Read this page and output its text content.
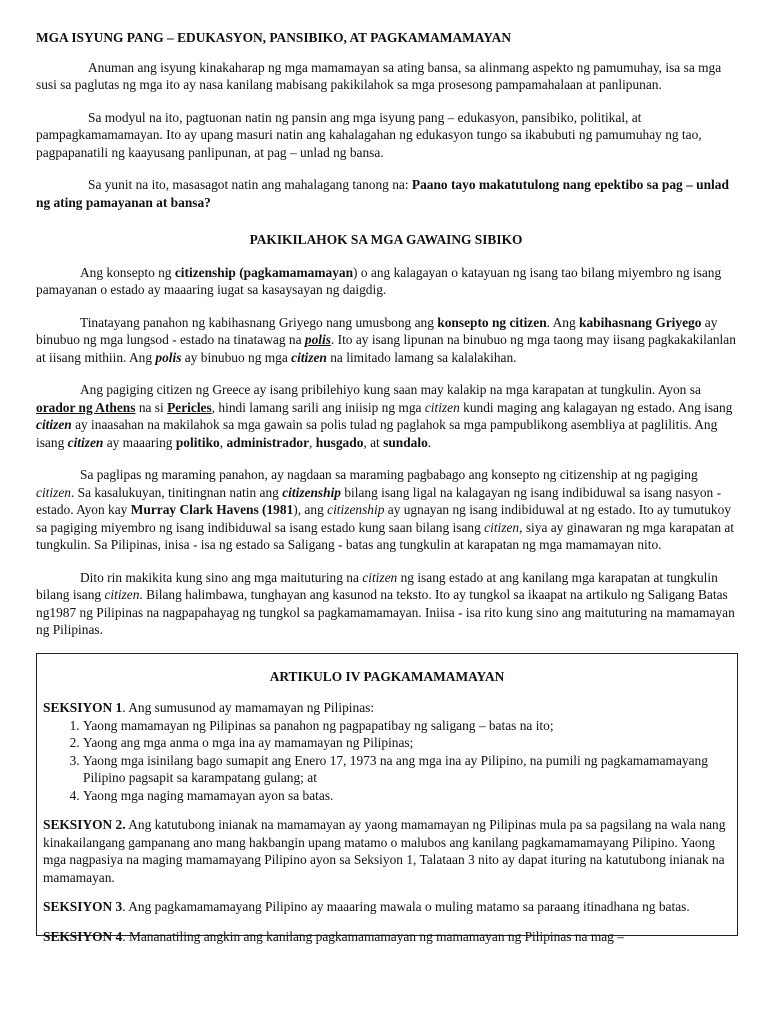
MGA ISYUNG PANG – EDUKASYON, PANSIBIKO, AT PAGKAMAMAMAYAN

Anuman ang isyung kinakaharap ng mga mamamayan sa ating bansa, sa alinmang aspekto ng pamumuhay, isa sa mga susi sa paglutas ng mga ito ay nasa kanilang mabisang pakikilahok sa mga prosesong pampamahalaan at panlipunan.

Sa modyul na ito, pagtuonan natin ng pansin ang mga isyung pang – edukasyon, pansibiko, politikal, at pampagkamamamayan. Ito ay upang masuri natin ang kahalagahan ng edukasyon tungo sa ikabubuti ng pamumuhay ng tao, pagpapanatili ng kaayusang panlipunan, at pag – unlad ng bansa.

Sa yunit na ito, masasagot natin ang mahalagang tanong na: Paano tayo makatutulong nang epektibo sa pag – unlad ng ating pamayanan at bansa?

PAKIKILAHOK SA MGA GAWAING SIBIKO

Ang konsepto ng citizenship (pagkamamamayan) o ang kalagayan o katayuan ng isang tao bilang miyembro ng isang pamayanan o estado ay maaaring iugat sa kasaysayan ng daigdig.

Tinatayang panahon ng kabihasnang Griyego nang umusbong ang konsepto ng citizen. Ang kabihasnang Griyego ay binubuo ng mga lungsod - estado na tinatawag na polis. Ito ay isang lipunan na binubuo ng mga taong may iisang pagkakakilanlan at iisang mithiin. Ang polis ay binubuo ng mga citizen na limitado lamang sa kalalakihan.

Ang pagiging citizen ng Greece ay isang pribilehiyo kung saan may kalakip na mga karapatan at tungkulin. Ayon sa orador ng Athens na si Pericles, hindi lamang sarili ang iniisip ng mga citizen kundi maging ang kalagayan ng estado. Ang isang citizen ay inaasahan na makilahok sa mga gawain sa polis tulad ng paglahok sa mga pampublikong asembliya at paglilitis. Ang isang citizen ay maaaring politiko, administrador, husgado, at sundalo.

Sa paglipas ng maraming panahon, ay nagdaan sa maraming pagbabago ang konsepto ng citizenship at ng pagiging citizen. Sa kasalukuyan, tinitingnan natin ang citizenship bilang isang ligal na kalagayan ng isang indibiduwal sa isang nasyon - estado. Ayon kay Murray Clark Havens (1981), ang citizenship ay ugnayan ng isang indibiduwal at ng estado. Ito ay tumutukoy sa pagiging miyembro ng isang indibiduwal sa isang estado kung saan bilang isang citizen, siya ay ginawaran ng mga karapatan at tungkulin. Sa Pilipinas, inisa - isa ng estado sa Saligang - batas ang tungkulin at karapatan ng mga mamamayan nito.

Dito rin makikita kung sino ang mga maituturing na citizen ng isang estado at ang kanilang mga karapatan at tungkulin bilang isang citizen. Bilang halimbawa, tunghayan ang kasunod na teksto. Ito ay tungkol sa ikaapat na artikulo ng Saligang Batas ng1987 ng Pilipinas na nagpapahayag ng tungkol sa pagkamamamayan. Iniisa - isa rito kung sino ang maituturing na mamamayan ng Pilipinas.

ARTIKULO IV PAGKAMAMAMAYAN

SEKSIYON 1. Ang sumusunod ay mamamayan ng Pilipinas:

1. Yaong mamamayan ng Pilipinas sa panahon ng pagpapatibay ng saligang – batas na ito;
2. Yaong ang mga anma o mga ina ay mamamayan ng Pilipinas;
3. Yaong mga isinilang bago sumapit ang Enero 17, 1973 na ang mga ina ay Pilipino, na pumili ng pagkamamamayang Pilipino pagsapit sa karampatang gulang; at
4. Yaong mga naging mamamayan ayon sa batas.

SEKSIYON 2. Ang katutubong inianak na mamamayan ay yaong mamamayan ng Pilipinas mula pa sa pagsilang na wala nang kinakailangang gampanang ano mang hakbangin upang matamo o malubos ang kanilang pagkamamamayang Pilipino. Yaong mga nagpasiya na maging mamamayang Pilipino ayon sa Seksiyon 1, Talataan 3 nito ay dapat ituring na katutubong inianak na mamamayan.

SEKSIYON 3. Ang pagkamamamayang Pilipino ay maaaring mawala o muling matamo sa paraang itinadhana ng batas.

SEKSIYON 4. Mananatiling angkin ang kanilang pagkamamamayan ng mamamayan ng Pilipinas na mag –
